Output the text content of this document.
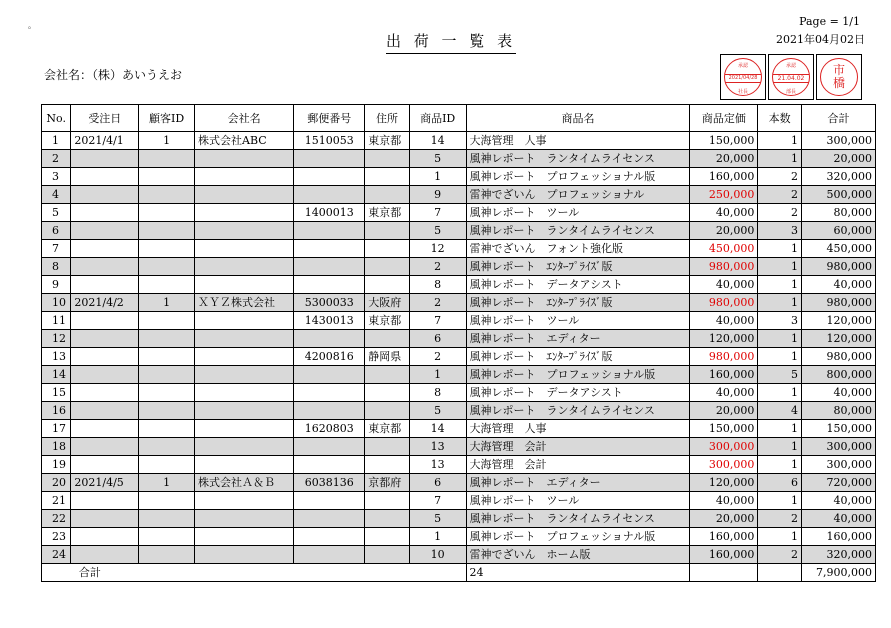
。	Page = 1/1
2021年04月02日
出 荷 一 覧 表
会社名：（株）あいうえお
承認
2021/04/28
社長
承認
21.04.02
部長
市橋
No.	受注日	顧客ID	会社名	郵便番号	住所	商品ID	商品名	商品定価	本数	合計
1	2021/4/1	1	株式会社ABC	1510053	東京都	14	大海管理　人事	150,000	1	300,000
2						5	風神レポート　ランタイムライセンス	20,000	1	20,000
3						1	風神レポート　プロフェッショナル版	160,000	2	320,000
4						9	雷神でざいん　プロフェッショナル	250,000	2	500,000
5				1400013	東京都	7	風神レポート　ツール	40,000	2	80,000
6						5	風神レポート　ランタイムライセンス	20,000	3	60,000
7						12	雷神でざいん　フォント強化版	450,000	1	450,000
8						2	風神レポート　ｴﾝﾀｰﾌﾟﾗｲｽﾞ版	980,000	1	980,000
9						8	風神レポート　データアシスト	40,000	1	40,000
10	2021/4/2	1	ＸＹＺ株式会社	5300033	大阪府	2	風神レポート　ｴﾝﾀｰﾌﾟﾗｲｽﾞ版	980,000	1	980,000
11				1430013	東京都	7	風神レポート　ツール	40,000	3	120,000
12						6	風神レポート　エディター	120,000	1	120,000
13				4200816	静岡県	2	風神レポート　ｴﾝﾀｰﾌﾟﾗｲｽﾞ版	980,000	1	980,000
14						1	風神レポート　プロフェッショナル版	160,000	5	800,000
15						8	風神レポート　データアシスト	40,000	1	40,000
16						5	風神レポート　ランタイムライセンス	20,000	4	80,000
17				1620803	東京都	14	大海管理　人事	150,000	1	150,000
18						13	大海管理　会計	300,000	1	300,000
19						13	大海管理　会計	300,000	1	300,000
20	2021/4/5	1	株式会社Ａ＆Ｂ	6038136	京都府	6	風神レポート　エディター	120,000	6	720,000
21						7	風神レポート　ツール	40,000	1	40,000
22						5	風神レポート　ランタイムライセンス	20,000	2	40,000
23						1	風神レポート　プロフェッショナル版	160,000	1	160,000
24						10	雷神でざいん　ホーム版	160,000	2	320,000
	合計						24			7,900,000
